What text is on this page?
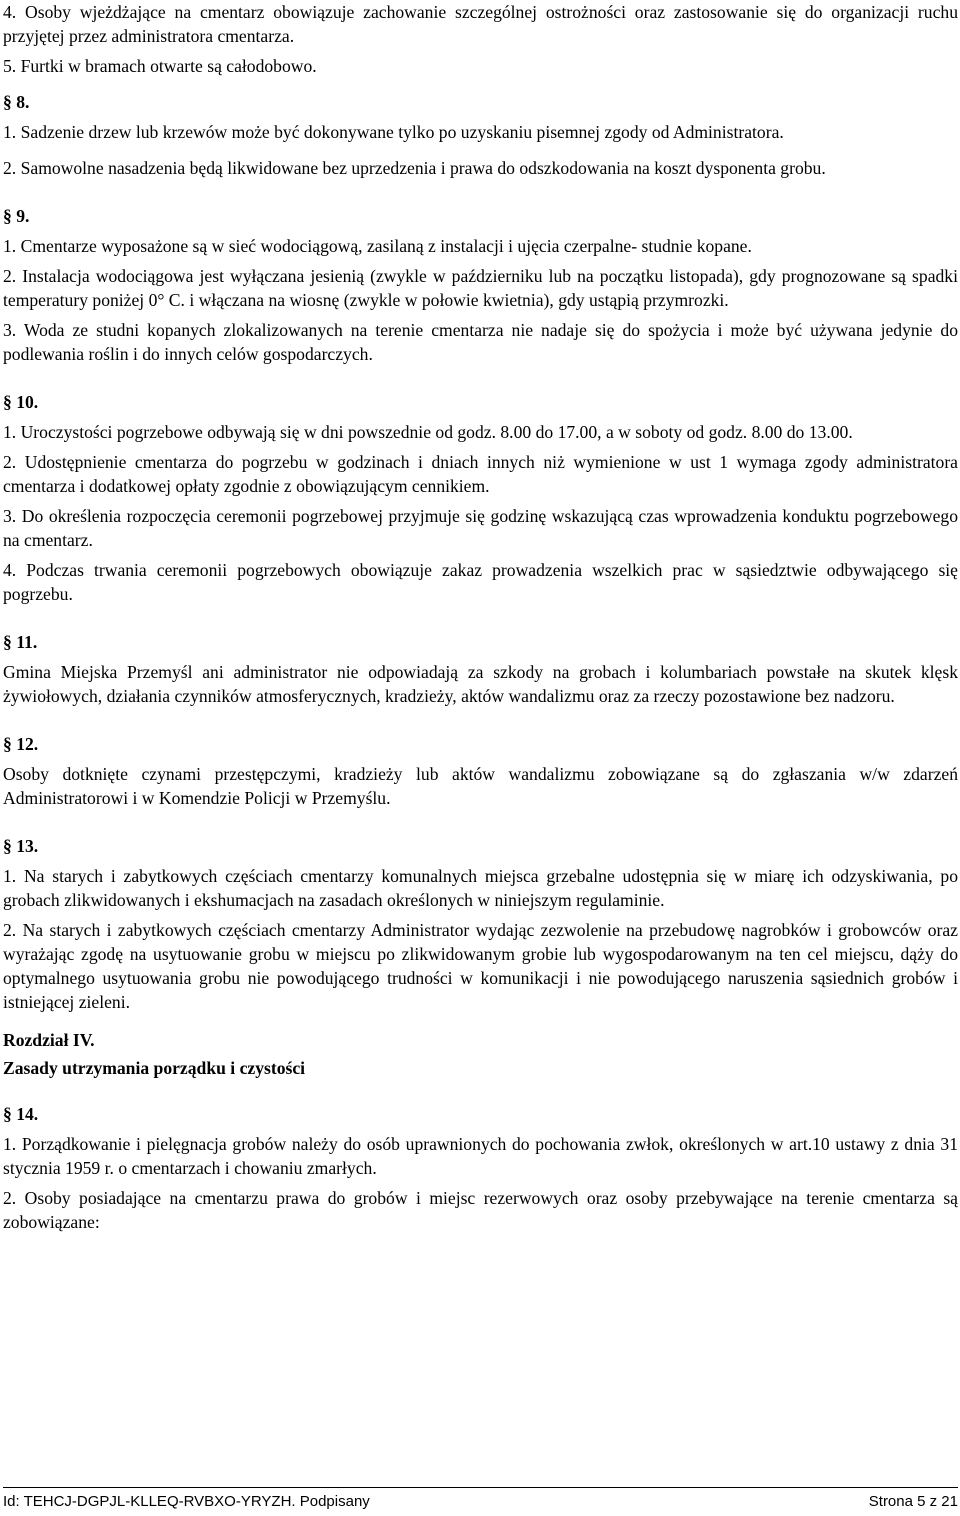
4. Osoby wjeżdżające na cmentarz obowiązuje zachowanie szczególnej ostrożności oraz zastosowanie się do organizacji ruchu przyjętej przez administratora cmentarza.

5. Furtki w bramach otwarte są całodobowo.

§ 8.

1. Sadzenie drzew lub krzewów może być dokonywane tylko po uzyskaniu pisemnej zgody od Administratora.

2. Samowolne nasadzenia będą likwidowane bez uprzedzenia i prawa do odszkodowania na koszt dysponenta grobu.

§ 9.

1. Cmentarze wyposażone są w sieć wodociągową, zasilaną z instalacji i ujęcia czerpalne- studnie kopane.

2. Instalacja wodociągowa jest wyłączana jesienią (zwykle w październiku lub na początku listopada), gdy prognozowane są spadki temperatury poniżej 0° C. i włączana na wiosnę (zwykle w połowie kwietnia), gdy ustąpią przymrozki.

3. Woda ze studni kopanych zlokalizowanych na terenie cmentarza nie nadaje się do spożycia i może być używana jedynie do podlewania roślin i do innych celów gospodarczych.

§ 10.

1. Uroczystości pogrzebowe odbywają się w dni powszednie od godz. 8.00 do 17.00, a w soboty od godz. 8.00 do 13.00.

2. Udostępnienie cmentarza do pogrzebu w godzinach i dniach innych niż wymienione w ust 1 wymaga zgody administratora cmentarza i dodatkowej opłaty zgodnie z obowiązującym cennikiem.

3. Do określenia rozpoczęcia ceremonii pogrzebowej przyjmuje się godzinę wskazującą czas wprowadzenia konduktu pogrzebowego na cmentarz.

4. Podczas trwania ceremonii pogrzebowych obowiązuje zakaz prowadzenia wszelkich prac w sąsiedztwie odbywającego się pogrzebu.

§ 11.

Gmina Miejska Przemyśl ani administrator nie odpowiadają za szkody na grobach i kolumbariach powstałe na skutek klęsk żywiołowych, działania czynników atmosferycznych, kradzieży, aktów wandalizmu oraz za rzeczy pozostawione bez nadzoru.

§ 12.

Osoby dotknięte czynami przestępczymi, kradzieży lub aktów wandalizmu zobowiązane są do zgłaszania w/w zdarzeń Administratorowi i w Komendzie Policji w Przemyślu.

§ 13.

1. Na starych i zabytkowych częściach cmentarzy komunalnych miejsca grzebalne udostępnia się w miarę ich odzyskiwania, po grobach zlikwidowanych i ekshumacjach na zasadach określonych w niniejszym regulaminie.

2. Na starych i zabytkowych częściach cmentarzy Administrator wydając zezwolenie na przebudowę nagrobków i grobowców oraz wyrażając zgodę na usytuowanie grobu w miejscu po zlikwidowanym grobie lub wygospodarowanym na ten cel miejscu, dąży do optymalnego usytuowania grobu nie powodującego trudności w komunikacji i nie powodującego naruszenia sąsiednich grobów i istniejącej zieleni.

Rozdział IV.

Zasady utrzymania porządku i czystości

§ 14.

1. Porządkowanie i pielęgnacja grobów należy do osób uprawnionych do pochowania zwłok, określonych w art.10 ustawy z dnia 31 stycznia 1959 r. o cmentarzach i chowaniu zmarłych.

2. Osoby posiadające na cmentarzu prawa do grobów i miejsc rezerwowych oraz osoby przebywające na terenie cmentarza są zobowiązane:

Id: TEHCJ-DGPJL-KLLEQ-RVBXO-YRYZH. Podpisany	Strona 5 z 21
